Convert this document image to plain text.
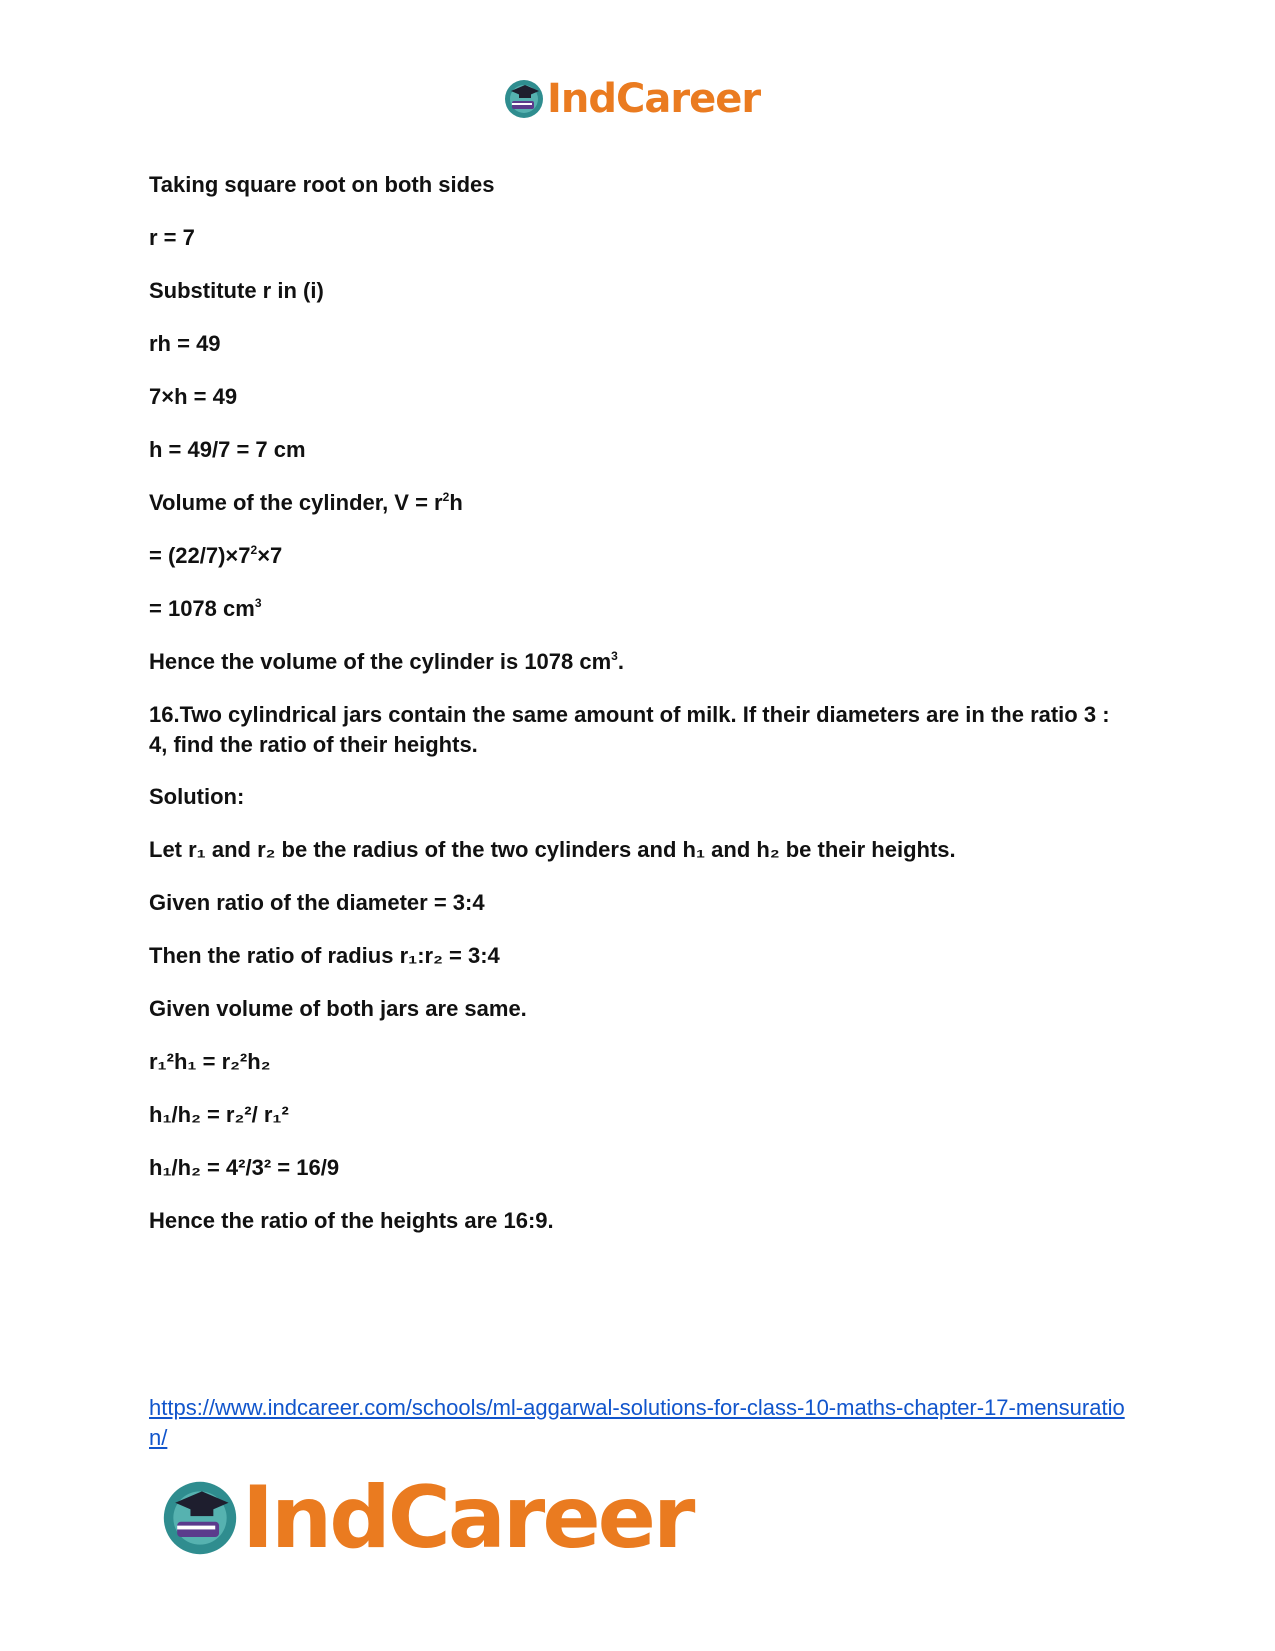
IndCareer
Taking square root on both sides
r = 7
Substitute r in (i)
rh = 49
7×h = 49
h = 49/7 = 7 cm
Volume of the cylinder, $V = r^2h$
= $(22/7)\times 7^2\times 7$
= 1078 $cm^3$
Hence the volume of the cylinder is 1078 $cm^3$.
16.Two cylindrical jars contain the same amount of milk. If their diameters are in the ratio 3 : 4, find the ratio of their heights.
Solution:
Let r₁ and r₂ be the radius of the two cylinders and h₁ and h₂ be their heights.
Given ratio of the diameter = 3:4
Then the ratio of radius r₁:r₂ = 3:4
Given volume of both jars are same.
r₁²h₁ = r₂²h₂
h₁/h₂ = r₂²/ r₁²
h₁/h₂ = 4²/3² = 16/9
Hence the ratio of the heights are 16:9.
https://www.indcareer.com/schools/ml-aggarwal-solutions-for-class-10-maths-chapter-17-mensuration/
IndCareer
